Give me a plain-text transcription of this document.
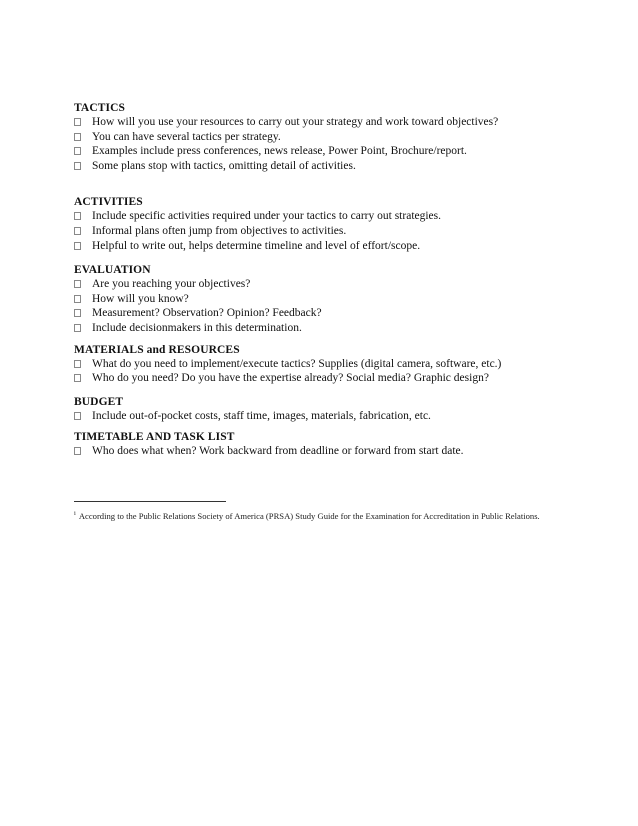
TACTICS

How will you use your resources to carry out your strategy and work toward objectives?
You can have several tactics per strategy.
Examples include press conferences, news release, Power Point, Brochure/report.
Some plans stop with tactics, omitting detail of activities.

ACTIVITIES

Include specific activities required under your tactics to carry out strategies.
Informal plans often jump from objectives to activities.
Helpful to write out, helps determine timeline and level of effort/scope.

EVALUATION

Are you reaching your objectives?
How will you know?
Measurement? Observation? Opinion? Feedback?
Include decisionmakers in this determination.

MATERIALS and RESOURCES

What do you need to implement/execute tactics? Supplies (digital camera, software, etc.)
Who do you need? Do you have the expertise already? Social media? Graphic design?

BUDGET

Include out-of-pocket costs, staff time, images, materials, fabrication, etc.

TIMETABLE AND TASK LIST

Who does what when? Work backward from deadline or forward from start date.
$^i$ According to the Public Relations Society of America (PRSA) Study Guide for the Examination for Accreditation in Public Relations.
